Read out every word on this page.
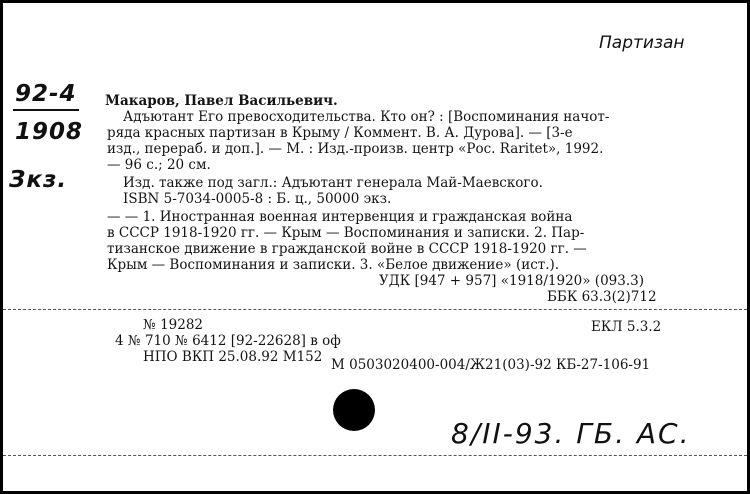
Партизан
92-4
1908
Зкз.
Макаров, Павел Васильевич.
Адъютант Его превосходительства. Кто он? : [Воспоминания начот-
ряда красных партизан в Крыму / Коммент. В. А. Дурова]. — [3-е
изд., перераб. и доп.]. — М. : Изд.-произв. центр «Рос. Raritet», 1992.
— 96 с.; 20 см.
Изд. также под загл.: Адъютант генерала Май-Маевского.
ISBN 5-7034-0005-8 : Б. ц., 50000 экз.
— — 1. Иностранная военная интервенция и гражданская война
в СССР 1918-1920 гг. — Крым — Воспоминания и записки. 2. Пар-
тизанское движение в гражданской войне в СССР 1918-1920 гг. —
Крым — Воспоминания и записки. 3. «Белое движение» (ист.).
УДК [947 + 957] «1918/1920» (093.3)
ББК 63.3(2)712
№ 19282	ЕКЛ 5.3.2
4 № 710 № 6412 [92-22628] в оф
НПО ВКП 25.08.92 М152 М 0503020400-004/Ж21(03)-92 КБ-27-106-91
8/II-93. ГБ. АС.
